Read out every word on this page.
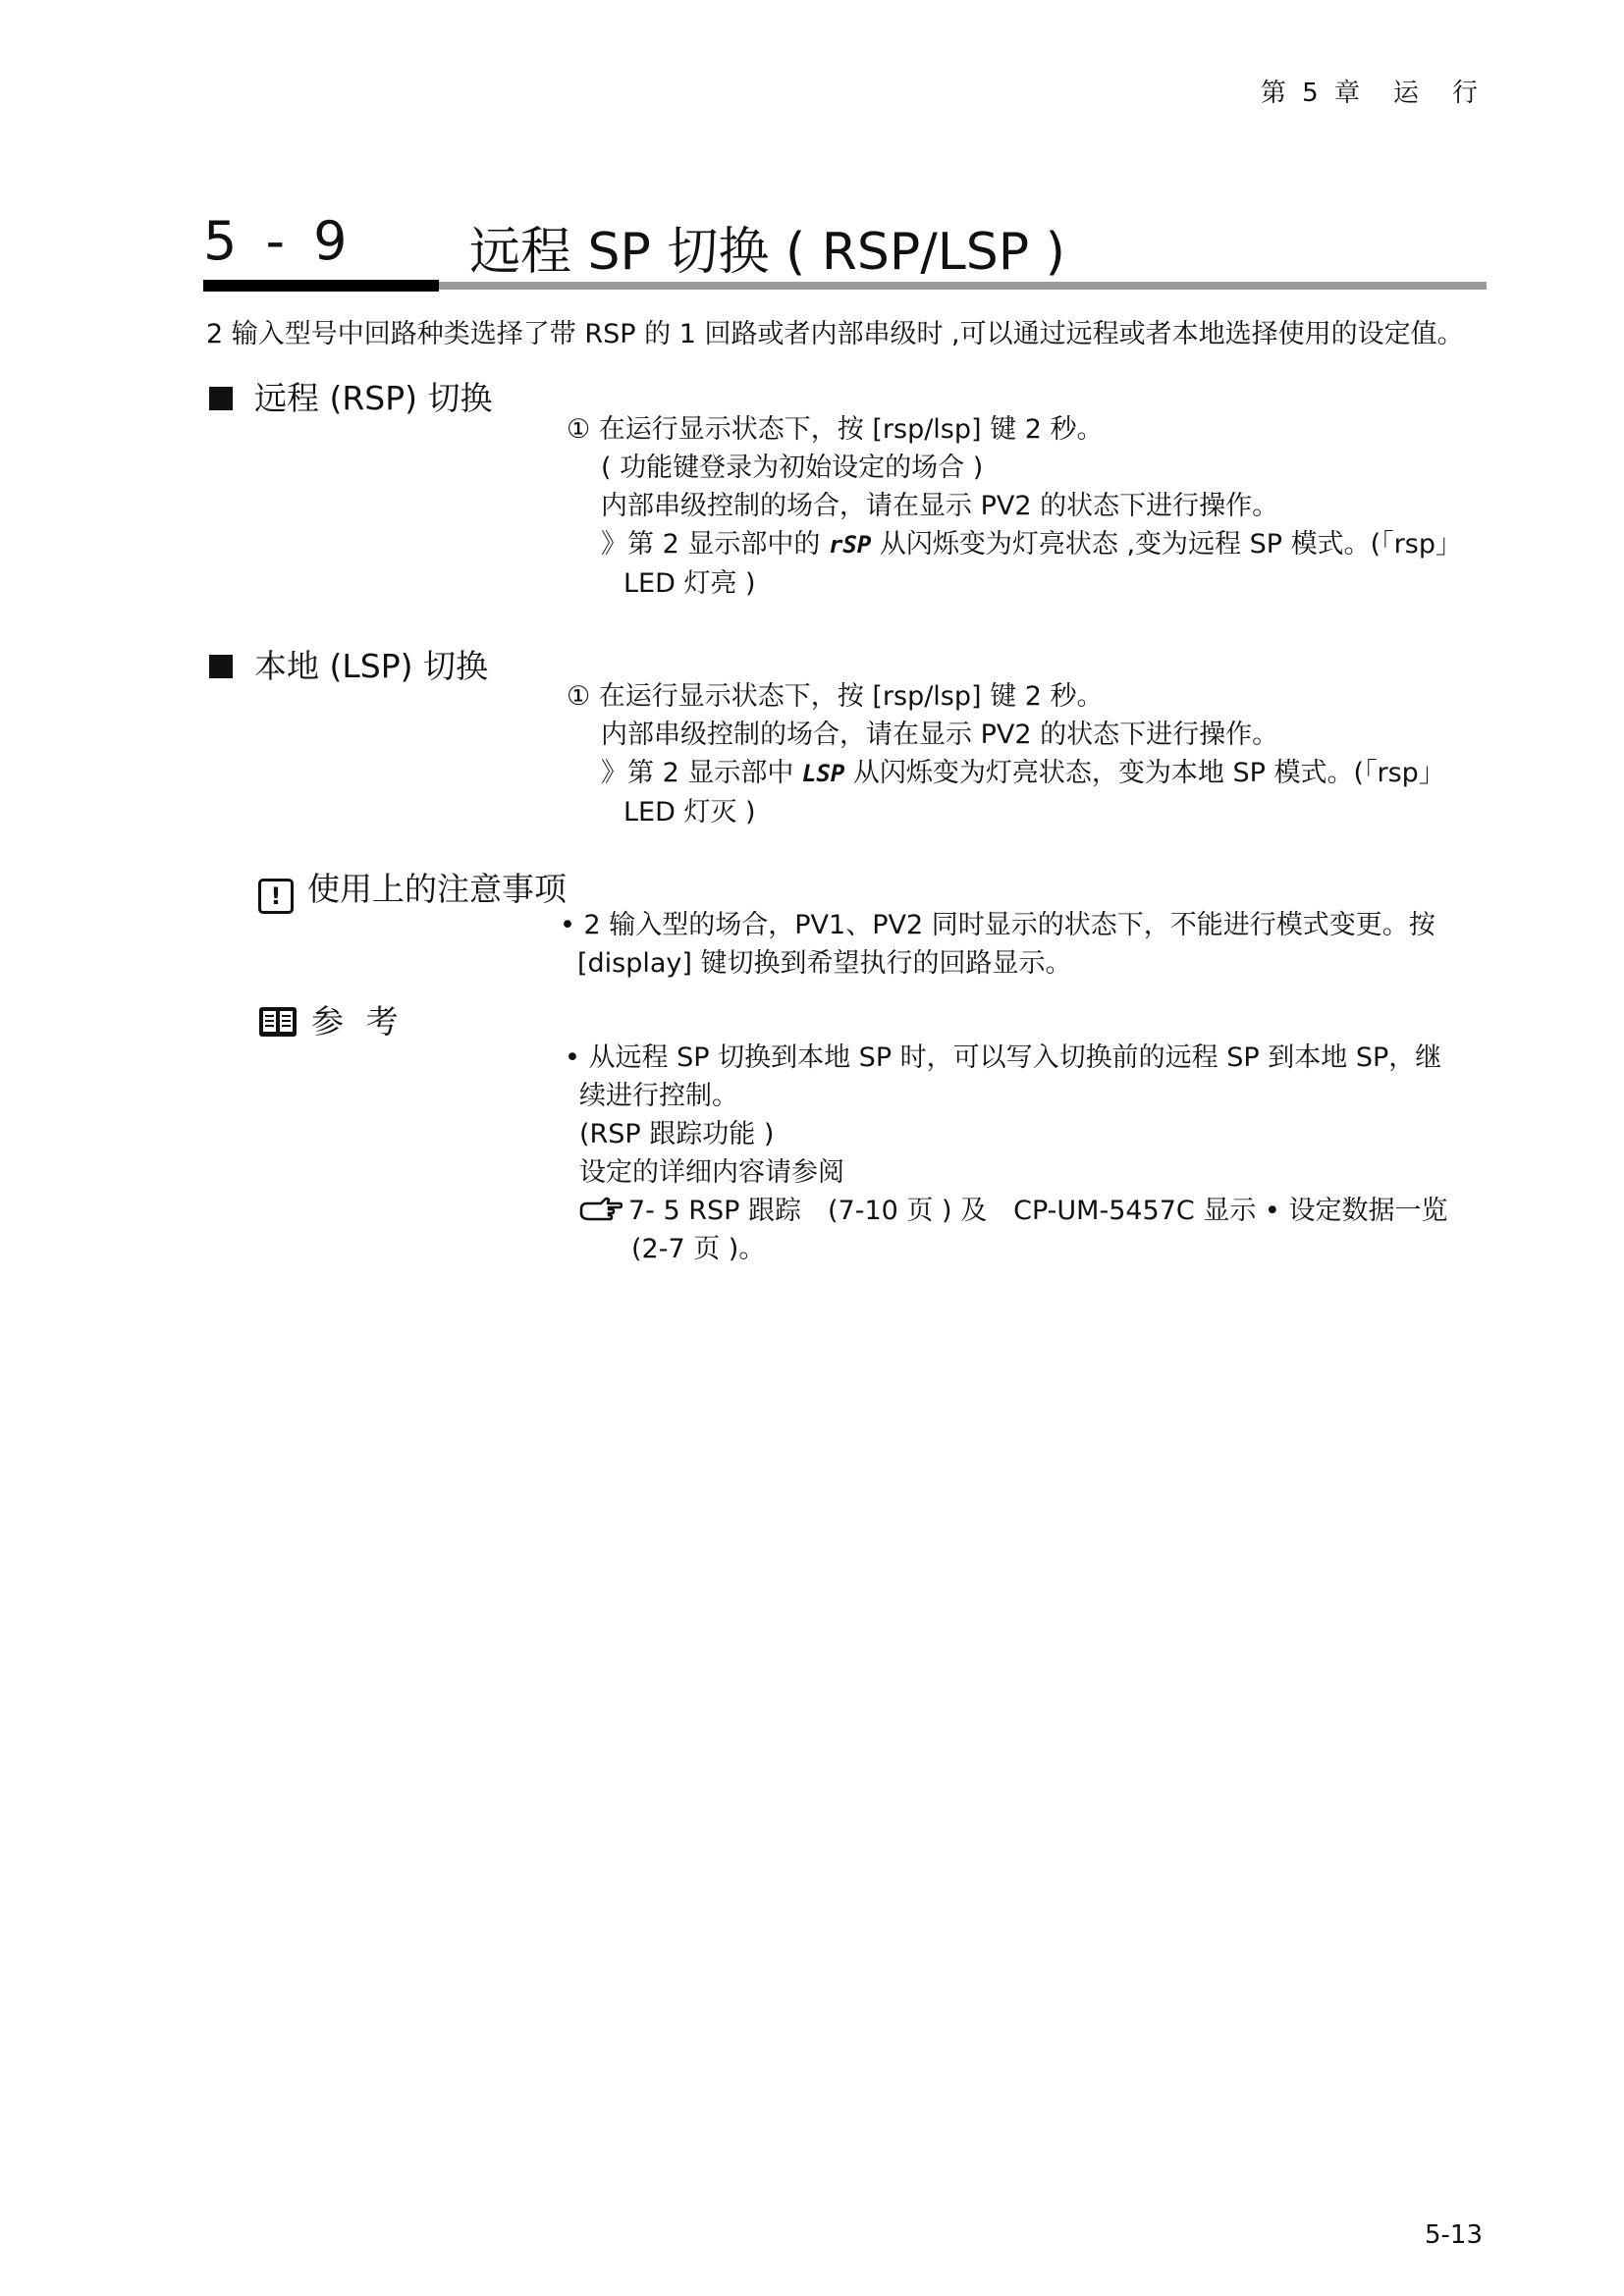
第 5 章　运　行
5 - 9 远程 SP 切换 ( RSP/LSP )
2 输入型号中回路种类选择了带 RSP 的 1 回路或者内部串级时 ,可以通过远程或者本地选择使用的设定值。
远程 (RSP) 切换
① 在运行显示状态下，按 [rsp/lsp] 键 2 秒。
( 功能键登录为初始设定的场合 )
内部串级控制的场合，请在显示 PV2 的状态下进行操作。
》第 2 显示部中的 rSP 从闪烁变为灯亮状态 ,变为远程 SP 模式。(「rsp」
LED 灯亮 )
本地 (LSP) 切换
① 在运行显示状态下，按 [rsp/lsp] 键 2 秒。
内部串级控制的场合，请在显示 PV2 的状态下进行操作。
》第 2 显示部中 LSP 从闪烁变为灯亮状态，变为本地 SP 模式。(「rsp」
LED 灯灭 )
! 使用上的注意事项
• 2 输入型的场合，PV1、PV2 同时显示的状态下，不能进行模式变更。按
[display] 键切换到希望执行的回路显示。
参 考
• 从远程 SP 切换到本地 SP 时，可以写入切换前的远程 SP 到本地 SP，继
续进行控制。
(RSP 跟踪功能 )
设定的详细内容请参阅
7- 5 RSP 跟踪　(7-10 页 ) 及　CP-UM-5457C 显示 • 设定数据一览
(2-7 页 )。
5-13
